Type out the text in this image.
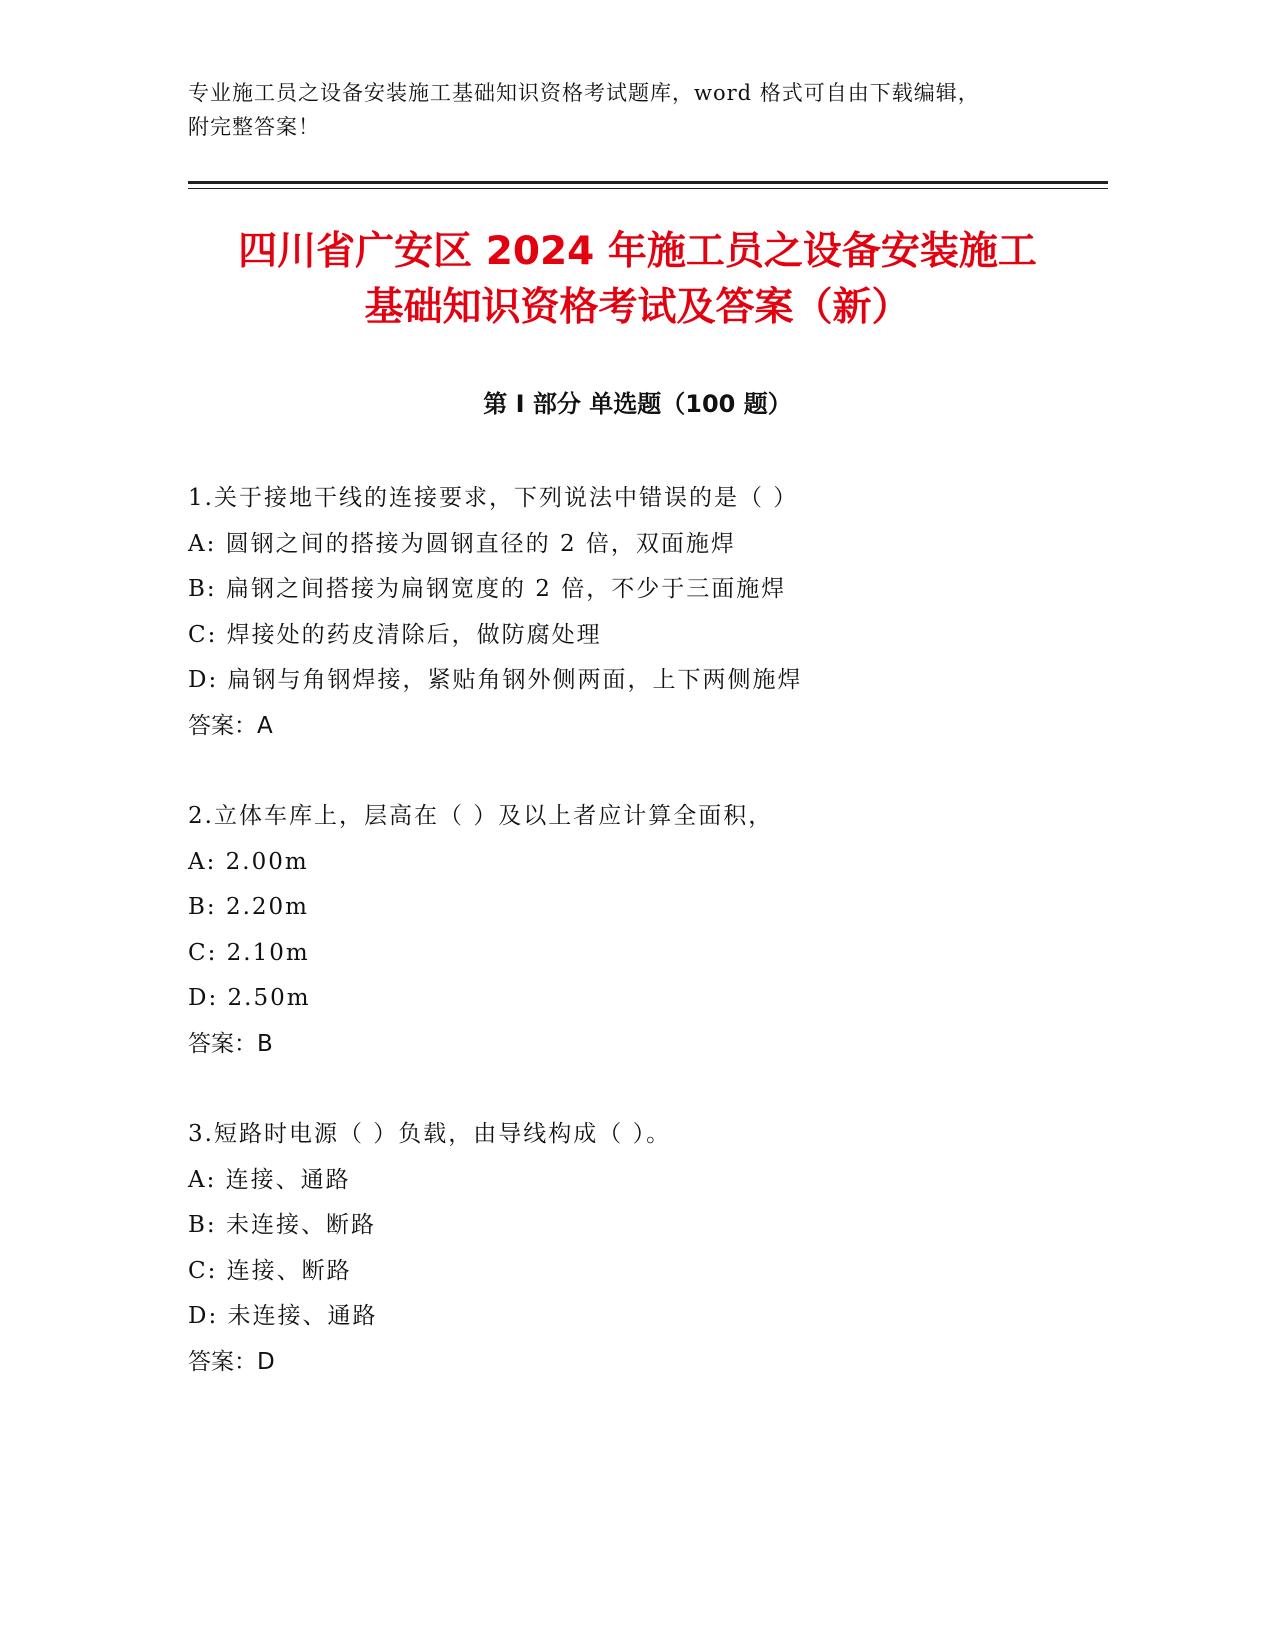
专业施工员之设备安装施工基础知识资格考试题库，word 格式可自由下载编辑，
附完整答案！
四川省广安区 2024 年施工员之设备安装施工
基础知识资格考试及答案（新）
第 I 部分 单选题（100 题）
1.关于接地干线的连接要求，下列说法中错误的是（ ）
A: 圆钢之间的搭接为圆钢直径的 2 倍，双面施焊
B: 扁钢之间搭接为扁钢宽度的 2 倍，不少于三面施焊
C: 焊接处的药皮清除后，做防腐处理
D: 扁钢与角钢焊接，紧贴角钢外侧两面，上下两侧施焊
答案：A
2.立体车库上，层高在（ ）及以上者应计算全面积，
A: 2.00m
B: 2.20m
C: 2.10m
D: 2.50m
答案：B
3.短路时电源（ ）负载，由导线构成（ ）。
A: 连接、通路
B: 未连接、断路
C: 连接、断路
D: 未连接、通路
答案：D
